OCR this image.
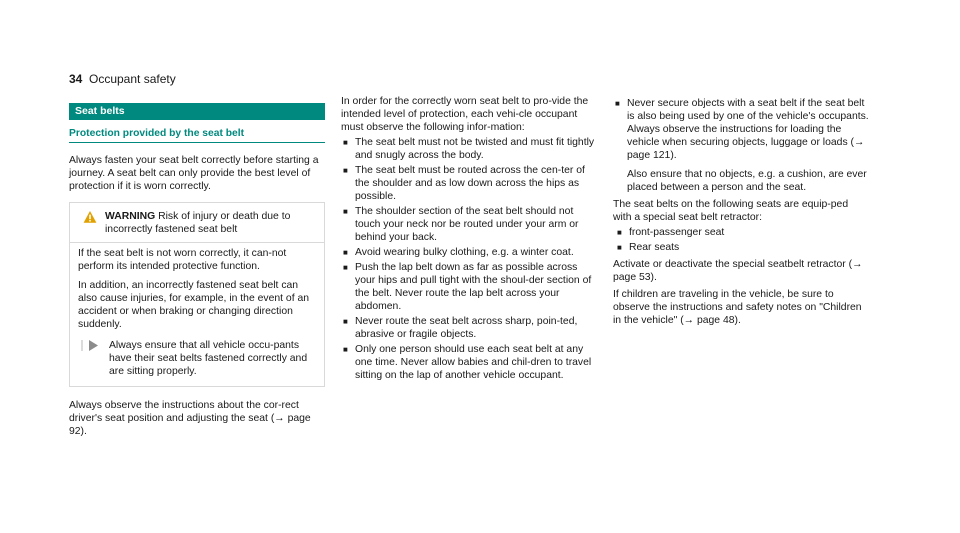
34 Occupant safety
Seat belts
Protection provided by the seat belt

Always fasten your seat belt correctly before starting a journey. A seat belt can only provide the best level of protection if it is worn correctly.

WARNING Risk of injury or death due to incorrectly fastened seat belt

If the seat belt is not worn correctly, it can-not perform its intended protective function.

In addition, an incorrectly fastened seat belt can also cause injuries, for example, in the event of an accident or when braking or changing direction suddenly.

Always ensure that all vehicle occu-pants have their seat belts fastened correctly and are sitting properly.

Always observe the instructions about the cor-rect driver's seat position and adjusting the seat (→ page 92).

In order for the correctly worn seat belt to pro-vide the intended level of protection, each vehi-cle occupant must observe the following infor-mation:

■ The seat belt must not be twisted and must fit tightly and snugly across the body.
■ The seat belt must be routed across the cen-ter of the shoulder and as low down across the hips as possible.
■ The shoulder section of the seat belt should not touch your neck nor be routed under your arm or behind your back.
■ Avoid wearing bulky clothing, e.g. a winter coat.
■ Push the lap belt down as far as possible across your hips and pull tight with the shoul-der section of the belt. Never route the lap belt across your abdomen.
■ Never route the seat belt across sharp, poin-ted, abrasive or fragile objects.
■ Only one person should use each seat belt at any one time. Never allow babies and chil-dren to travel sitting on the lap of another vehicle occupant.
■ Never secure objects with a seat belt if the seat belt is also being used by one of the vehicle's occupants. Always observe the instructions for loading the vehicle when securing objects, luggage or loads (→ page 121).

Also ensure that no objects, e.g. a cushion, are ever placed between a person and the seat.

The seat belts on the following seats are equip-ped with a special seat belt retractor:

■ front-passenger seat
■ Rear seats

Activate or deactivate the special seatbelt retractor (→ page 53).

If children are traveling in the vehicle, be sure to observe the instructions and safety notes on "Children in the vehicle" (→ page 48).
